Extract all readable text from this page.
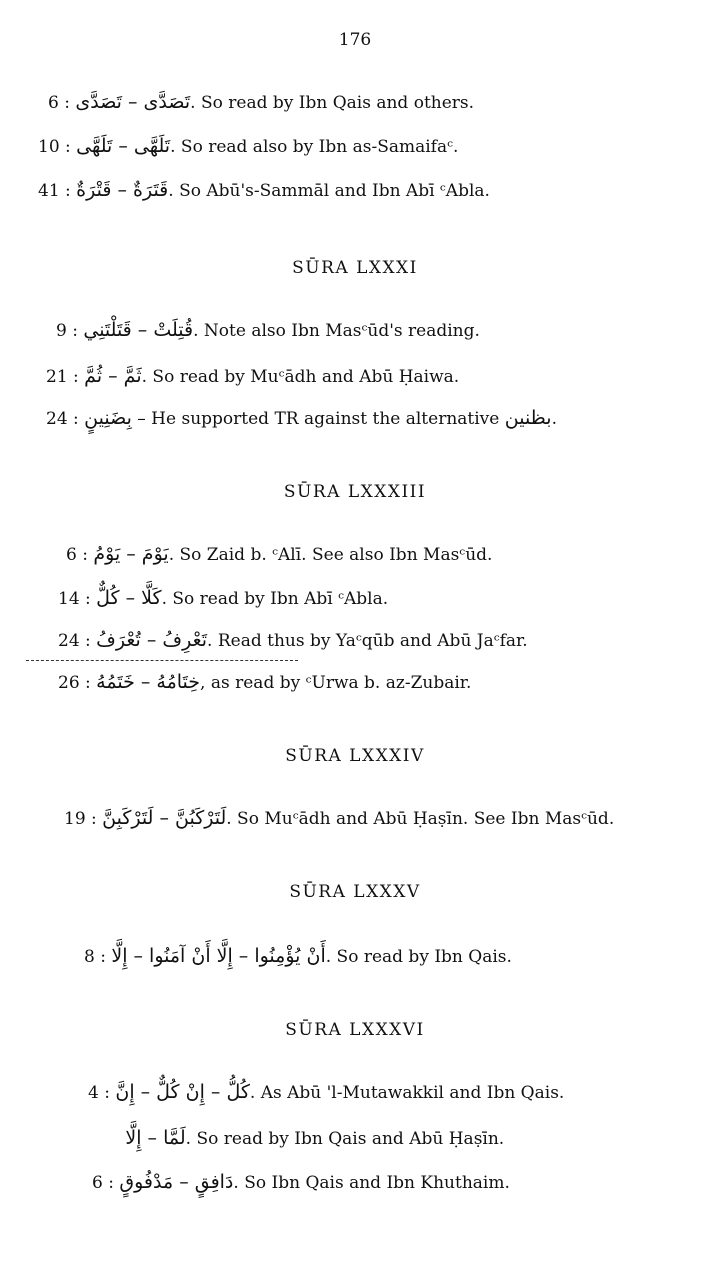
176
6 : تَصَدَّى – تَصَدَّى. So read by Ibn Qais and others.
10 : تَلَهَّى – تَلَهَّى. So read also by Ibn as-Samaifaᶜ.
41 : قَتَرَةٌ – قَتْرَةٌ. So Abū's-Sammāl and Ibn Abī ᶜAbla.
SŪRA LXXXI
9 : قُتِلَتْ – قَتَلْتَنِي. Note also Ibn Masᶜūd's reading.
21 : ثَمَّ – ثُمَّ. So read by Muᶜādh and Abū Ḥaiwa.
24 : بِضَنِينٍ – He supported TR against the alternative بظنين.
SŪRA LXXXIII
6 : يَوْمَ – يَوْمُ. So Zaid b. ᶜAlī. See also Ibn Masᶜūd.
14 : كَلَّا – كُلٌّ. So read by Ibn Abī ᶜAbla.
24 : تَعْرِفُ – تُعْرَفُ. Read thus by Yaᶜqūb and Abū Jaᶜfar.
26 : خِتَامُهُ – خَتَمُهُ, as read by ᶜUrwa b. az-Zubair.
SŪRA LXXXIV
19 : لَتَرْكَبُنَّ – لَتَرْكَبِنَّ. So Muᶜādh and Abū Ḥaṣīn. See Ibn Masᶜūd.
SŪRA LXXXV
8 : أَنْ يُؤْمِنُوا – إِلَّا أَنْ آمَنُوا – إِلَّا. So read by Ibn Qais.
SŪRA LXXXVI
4 : كُلُّ – إِنْ كُلٌّ – إِنَّ. As Abū 'l-Mutawakkil and Ibn Qais.
لَمَّا – إِلَّا. So read by Ibn Qais and Abū Ḥaṣīn.
6 : دَافِقٍ – مَدْفُوقٍ. So Ibn Qais and Ibn Khuthaim.
